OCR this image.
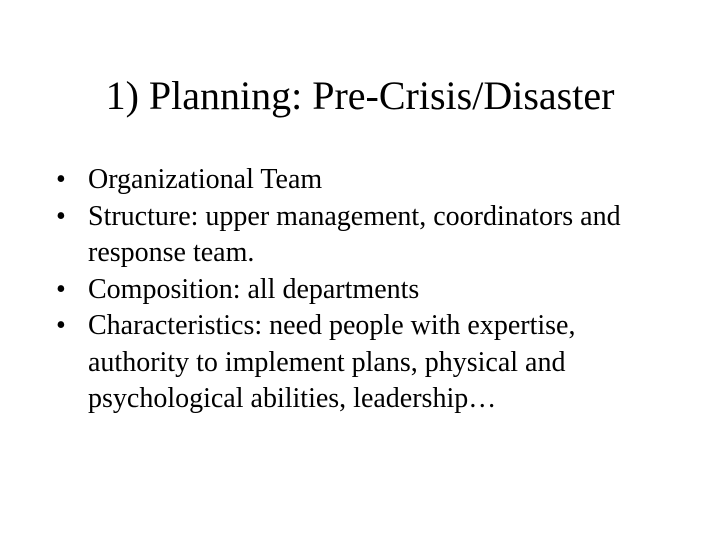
1) Planning: Pre-Crisis/Disaster
• Organizational Team
• Structure: upper management, coordinators and response team.
• Composition: all departments
• Characteristics: need people with expertise, authority to implement plans, physical and psychological abilities, leadership…
